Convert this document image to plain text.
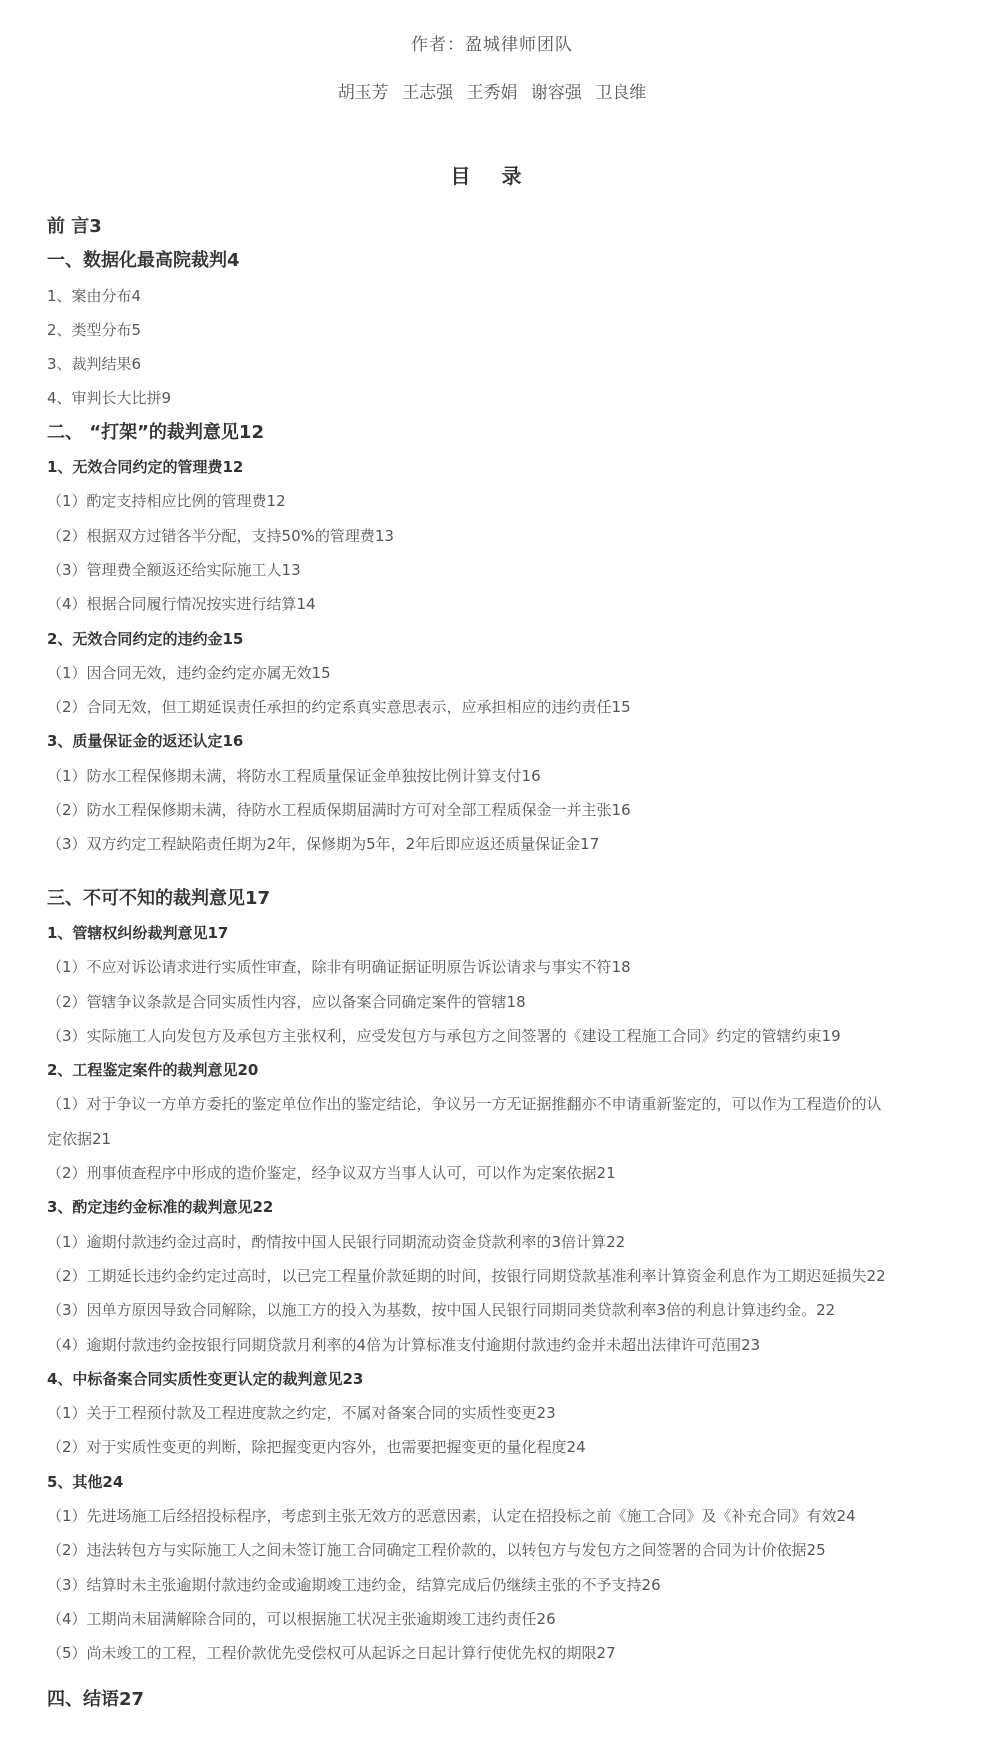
作者：盈城律师团队
胡玉芳 王志强 王秀娟 谢容强 卫良维
目 录
前 言3
一、数据化最高院裁判4
1、案由分布4
2、类型分布5
3、裁判结果6
4、审判长大比拼9
二、 “打架”的裁判意见12
1、无效合同约定的管理费12
（1）酌定支持相应比例的管理费12
（2）根据双方过错各半分配，支持50%的管理费13
（3）管理费全额返还给实际施工人13
（4）根据合同履行情况按实进行结算14
2、无效合同约定的违约金15
（1）因合同无效，违约金约定亦属无效15
（2）合同无效，但工期延误责任承担的约定系真实意思表示，应承担相应的违约责任15
3、质量保证金的返还认定16
（1）防水工程保修期未满，将防水工程质量保证金单独按比例计算支付16
（2）防水工程保修期未满，待防水工程质保期届满时方可对全部工程质保金一并主张16
（3）双方约定工程缺陷责任期为2年，保修期为5年，2年后即应返还质量保证金17
三、不可不知的裁判意见17
1、管辖权纠纷裁判意见17
（1）不应对诉讼请求进行实质性审查，除非有明确证据证明原告诉讼请求与事实不符18
（2）管辖争议条款是合同实质性内容，应以备案合同确定案件的管辖18
（3）实际施工人向发包方及承包方主张权利，应受发包方与承包方之间签署的《建设工程施工合同》约定的管辖约束19
2、工程鉴定案件的裁判意见20
（1）对于争议一方单方委托的鉴定单位作出的鉴定结论，争议另一方无证据推翻亦不申请重新鉴定的，可以作为工程造价的认
定依据21
（2）刑事侦查程序中形成的造价鉴定，经争议双方当事人认可，可以作为定案依据21
3、酌定违约金标准的裁判意见22
（1）逾期付款违约金过高时，酌情按中国人民银行同期流动资金贷款利率的3倍计算22
（2）工期延长违约金约定过高时，以已完工程量价款延期的时间，按银行同期贷款基准利率计算资金利息作为工期迟延损失22
（3）因单方原因导致合同解除，以施工方的投入为基数，按中国人民银行同期同类贷款利率3倍的利息计算违约金。22
（4）逾期付款违约金按银行同期贷款月利率的4倍为计算标准支付逾期付款违约金并未超出法律许可范围23
4、中标备案合同实质性变更认定的裁判意见23
（1）关于工程预付款及工程进度款之约定，不属对备案合同的实质性变更23
（2）对于实质性变更的判断，除把握变更内容外，也需要把握变更的量化程度24
5、其他24
（1）先进场施工后经招投标程序，考虑到主张无效方的恶意因素，认定在招投标之前《施工合同》及《补充合同》有效24
（2）违法转包方与实际施工人之间未签订施工合同确定工程价款的，以转包方与发包方之间签署的合同为计价依据25
（3）结算时未主张逾期付款违约金或逾期竣工违约金，结算完成后仍继续主张的不予支持26
（4）工期尚未届满解除合同的，可以根据施工状况主张逾期竣工违约责任26
（5）尚未竣工的工程，工程价款优先受偿权可从起诉之日起计算行使优先权的期限27
四、结语27
